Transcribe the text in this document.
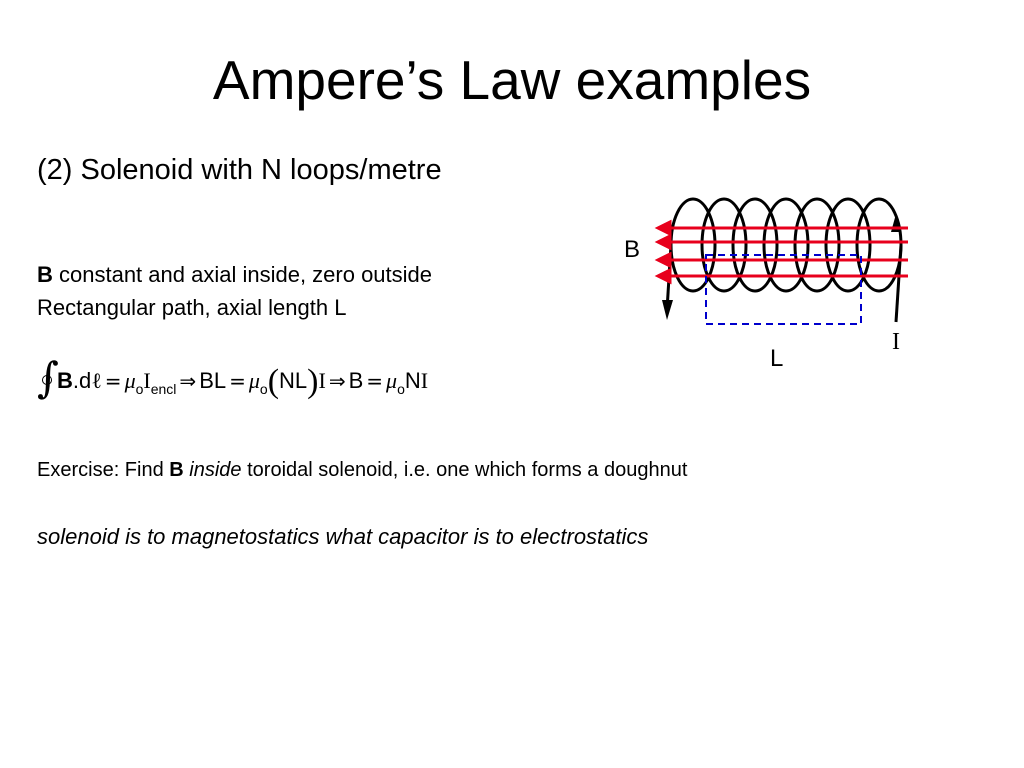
Ampere’s Law examples
(2) Solenoid with N loops/metre
B constant and axial inside, zero outside
Rectangular path, axial length L
∫
B.dℓ = $\mu_oI_{encl}$ ⇒ BL = $\mu_o(NL)I$ ⇒ $B = \mu_oNI$
Exercise: Find B inside toroidal solenoid, i.e. one which forms a doughnut
solenoid is to magnetostatics what capacitor is to electrostatics
B
L
I
